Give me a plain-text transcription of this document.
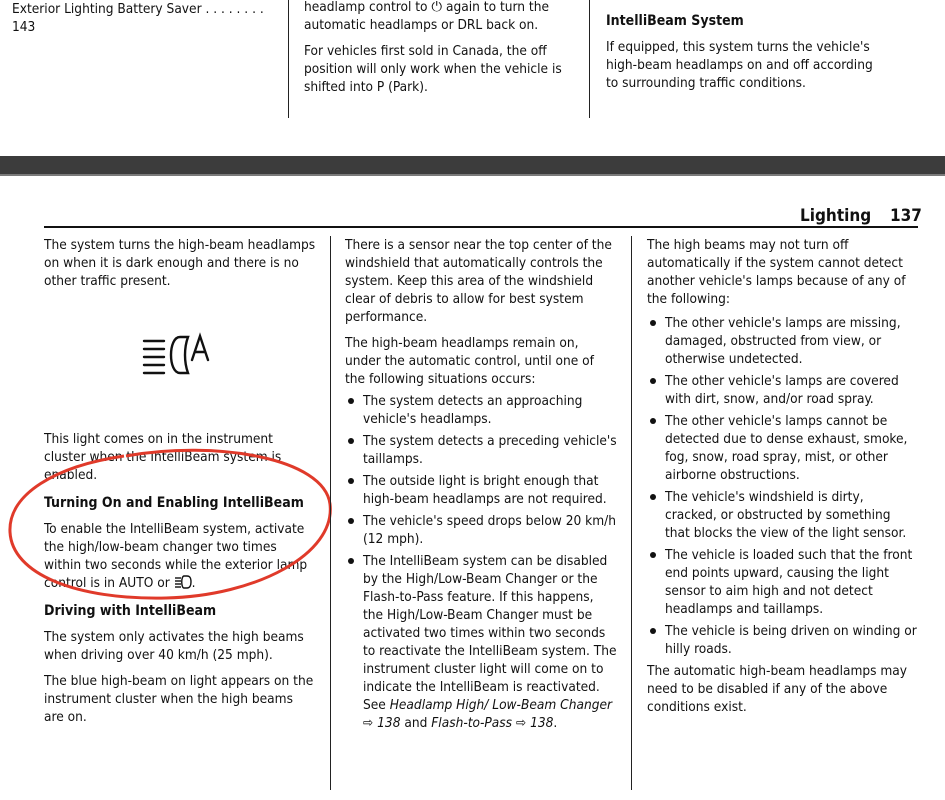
Exterior Lighting Battery Saver . . . . . . . . 143

headlamp control to ⏻ again to turn the automatic headlamps or DRL back on.

For vehicles first sold in Canada, the off position will only work when the vehicle is shifted into P (Park).

IntelliBeam System

If equipped, this system turns the vehicle's high-beam headlamps on and off according to surrounding traffic conditions.

Lighting 137

The system turns the high-beam headlamps on when it is dark enough and there is no other traffic present.

This light comes on in the instrument cluster when the IntelliBeam system is enabled.

Turning On and Enabling IntelliBeam

To enable the IntelliBeam system, activate the high/low-beam changer two times within two seconds while the exterior lamp control is in AUTO or .

Driving with IntelliBeam

The system only activates the high beams when driving over 40 km/h (25 mph).

The blue high-beam on light appears on the instrument cluster when the high beams are on.

There is a sensor near the top center of the windshield that automatically controls the system. Keep this area of the windshield clear of debris to allow for best system performance.

The high-beam headlamps remain on, under the automatic control, until one of the following situations occurs:

The system detects an approaching vehicle's headlamps.
The system detects a preceding vehicle's taillamps.
The outside light is bright enough that high-beam headlamps are not required.
The vehicle's speed drops below 20 km/h (12 mph).
The IntelliBeam system can be disabled by the High/Low-Beam Changer or the Flash-to-Pass feature. If this happens, the High/Low-Beam Changer must be activated two times within two seconds to reactivate the IntelliBeam system. The instrument cluster light will come on to indicate the IntelliBeam is reactivated. See Headlamp High/ Low-Beam Changer ⇨ 138 and Flash-to-Pass ⇨ 138.

The high beams may not turn off automatically if the system cannot detect another vehicle's lamps because of any of the following:

The other vehicle's lamps are missing, damaged, obstructed from view, or otherwise undetected.
The other vehicle's lamps are covered with dirt, snow, and/or road spray.
The other vehicle's lamps cannot be detected due to dense exhaust, smoke, fog, snow, road spray, mist, or other airborne obstructions.
The vehicle's windshield is dirty, cracked, or obstructed by something that blocks the view of the light sensor.
The vehicle is loaded such that the front end points upward, causing the light sensor to aim high and not detect headlamps and taillamps.
The vehicle is being driven on winding or hilly roads.

The automatic high-beam headlamps may need to be disabled if any of the above conditions exist.
